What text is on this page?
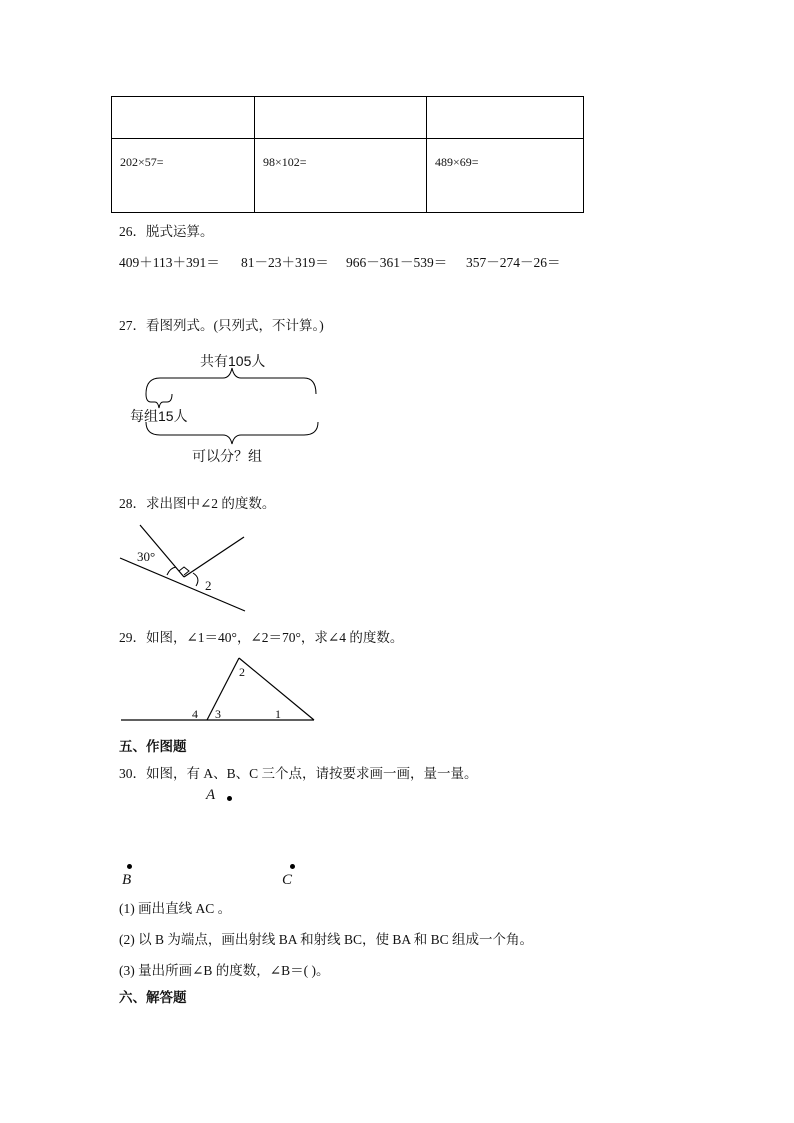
202×57=	98×102=	489×69=
26．脱式运算。
409＋113＋391＝ 81－23＋319＝ 966－361－539＝ 357－274－26＝
27．看图列式。(只列式，不计算。)
共有105人
每组15人
可以分？组
28．求出图中∠2 的度数。
30°
2
29．如图，∠1＝40°，∠2＝70°，求∠4 的度数。
2
4 3	1
五、作图题
30．如图，有 A、B、C 三个点，请按要求画一画，量一量。
A
B	C
(1) 画出直线 AC 。
(2) 以 B 为端点，画出射线 BA 和射线 BC，使 BA 和 BC 组成一个角。
(3) 量出所画∠B 的度数，∠B＝( )。
六、解答题
